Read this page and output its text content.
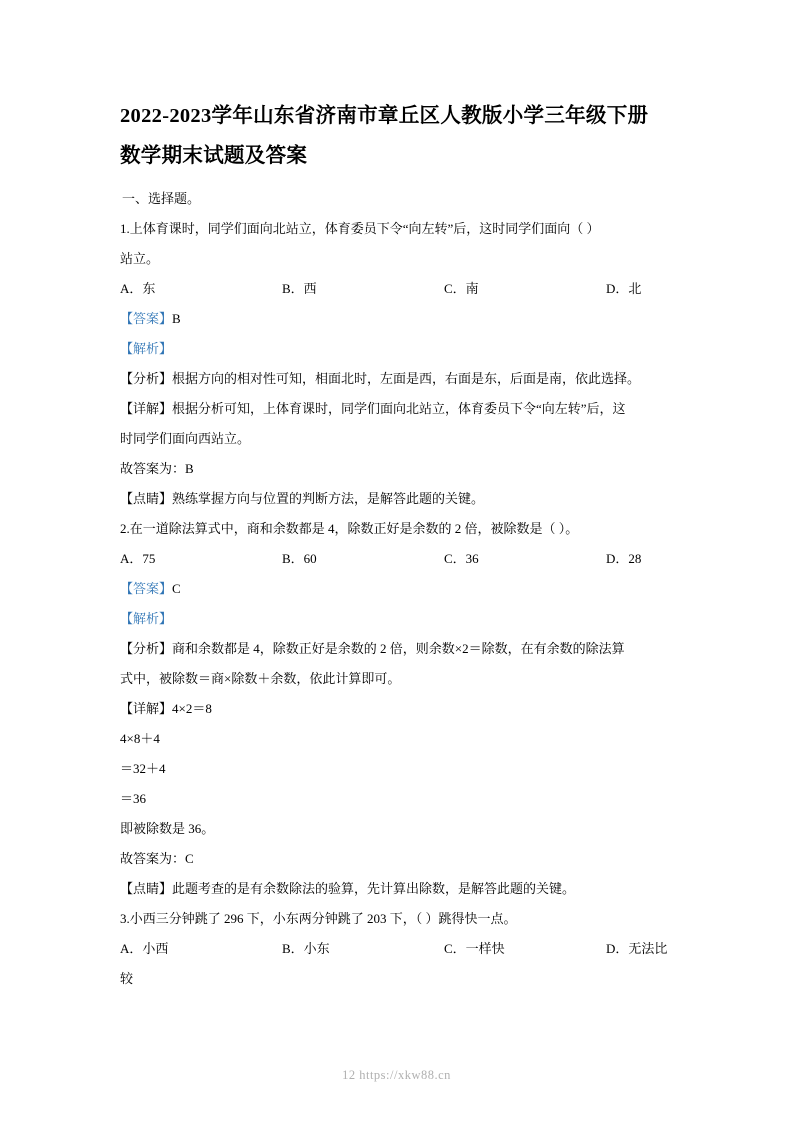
2022-2023学年山东省济南市章丘区人教版小学三年级下册
数学期末试题及答案

一、选择题。

1.上体育课时，同学们面向北站立，体育委员下令“向左转”后，这时同学们面向（ ）

站立。

A．东	B．西	C．南	D．北

【答案】B

【解析】

【分析】根据方向的相对性可知，相面北时，左面是西，右面是东，后面是南，依此选择。

【详解】根据分析可知，上体育课时，同学们面向北站立，体育委员下令“向左转”后，这

时同学们面向西站立。

故答案为：B

【点睛】熟练掌握方向与位置的判断方法，是解答此题的关键。

2.在一道除法算式中，商和余数都是 4，除数正好是余数的 2 倍，被除数是（ ）。

A．75	B．60	C．36	D．28

【答案】C

【解析】

【分析】商和余数都是 4，除数正好是余数的 2 倍，则余数×2＝除数，在有余数的除法算

式中，被除数＝商×除数＋余数，依此计算即可。

【详解】4×2＝8

4×8＋4

＝32＋4

＝36

即被除数是 36。

故答案为：C

【点睛】此题考查的是有余数除法的验算，先计算出除数，是解答此题的关键。

3.小西三分钟跳了 296 下，小东两分钟跳了 203 下，（ ）跳得快一点。

A．小西	B．小东	C．一样快	D．无法比

较

12 https://xkw88.cn
